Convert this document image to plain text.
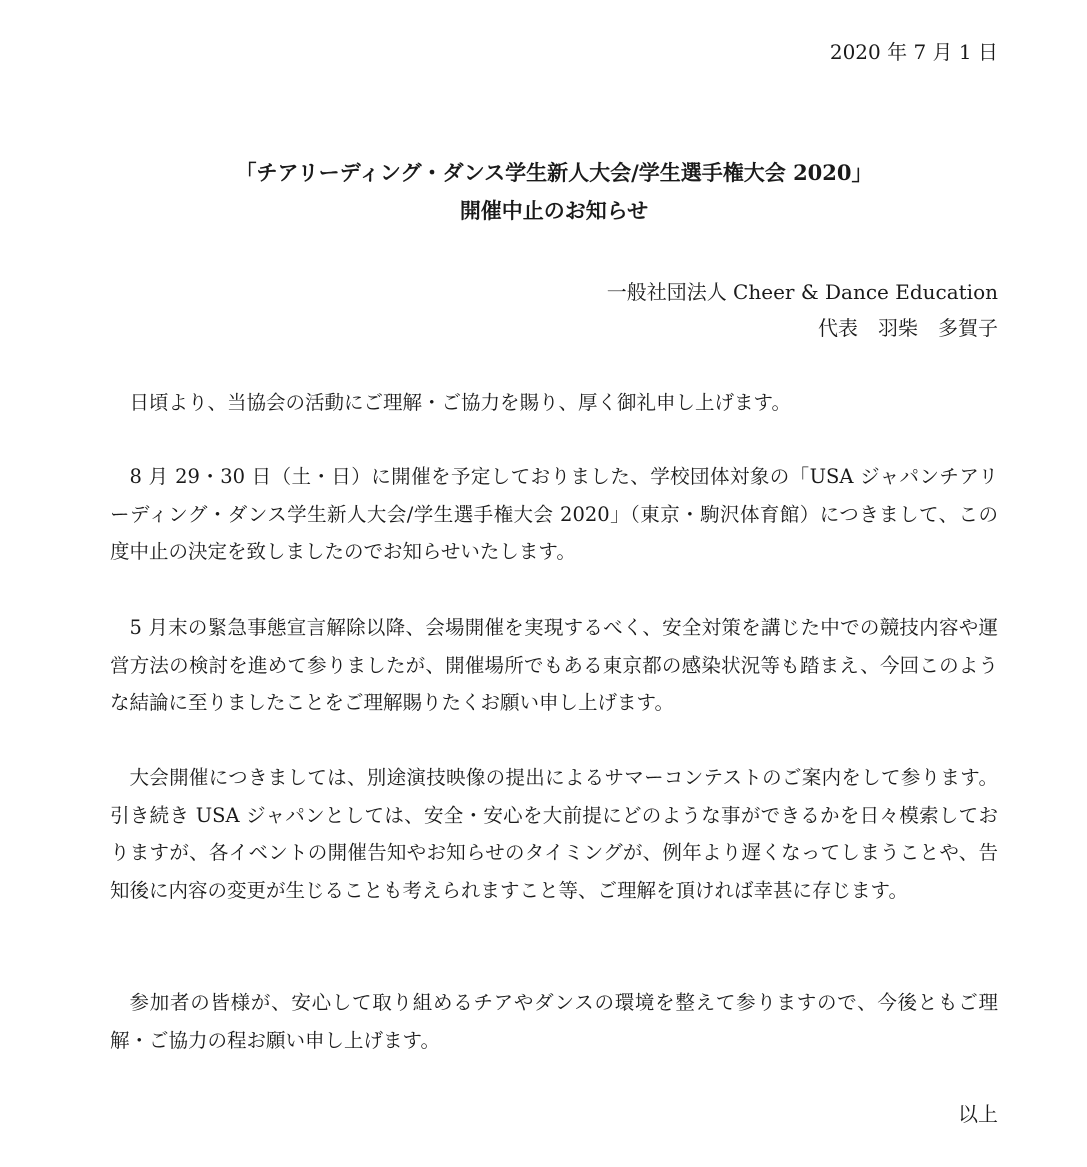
2020 年 7 月 1 日
「チアリーディング・ダンス学生新人大会/学生選手権大会 2020」
開催中止のお知らせ
一般社団法人 Cheer & Dance Education
代表　羽柴　多賀子

日頃より、当協会の活動にご理解・ご協力を賜り、厚く御礼申し上げます。

8 月 29・30 日（土・日）に開催を予定しておりました、学校団体対象の「USA ジャパンチアリーディング・ダンス学生新人大会/学生選手権大会 2020」（東京・駒沢体育館）につきまして、この度中止の決定を致しましたのでお知らせいたします。

5 月末の緊急事態宣言解除以降、会場開催を実現するべく、安全対策を講じた中での競技内容や運営方法の検討を進めて参りましたが、開催場所でもある東京都の感染状況等も踏まえ、今回このような結論に至りましたことをご理解賜りたくお願い申し上げます。

大会開催につきましては、別途演技映像の提出によるサマーコンテストのご案内をして参ります。引き続き USA ジャパンとしては、安全・安心を大前提にどのような事ができるかを日々模索しておりますが、各イベントの開催告知やお知らせのタイミングが、例年より遅くなってしまうことや、告知後に内容の変更が生じることも考えられますこと等、ご理解を頂ければ幸甚に存じます。

参加者の皆様が、安心して取り組めるチアやダンスの環境を整えて参りますので、今後ともご理解・ご協力の程お願い申し上げます。

以上
